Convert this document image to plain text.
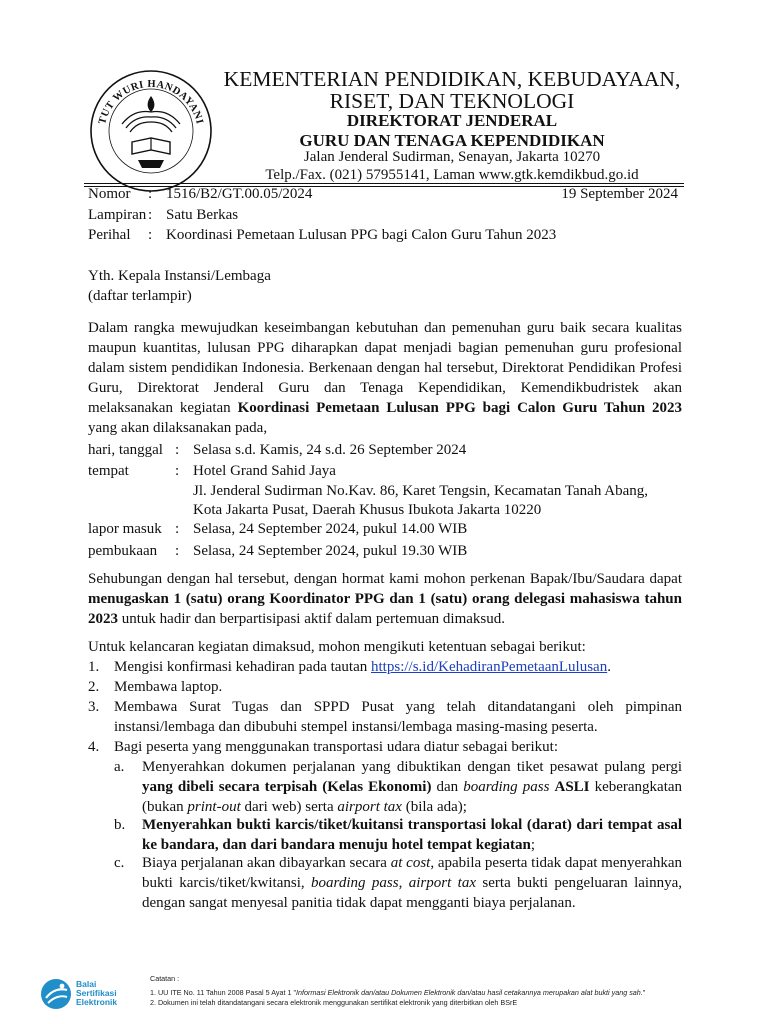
TUT WURI HANDAYANI
KEMENTERIAN PENDIDIKAN, KEBUDAYAAN,
RISET, DAN TEKNOLOGI
DIREKTORAT JENDERAL
GURU DAN TENAGA KEPENDIDIKAN
Jalan Jenderal Sudirman, Senayan, Jakarta 10270
Telp./Fax. (021) 57955141, Laman www.gtk.kemdikbud.go.id
Nomor : 1516/B2/GT.00.05/2024	19 September 2024
Lampiran : Satu Berkas
Perihal : Koordinasi Pemetaan Lulusan PPG bagi Calon Guru Tahun 2023
Yth. Kepala Instansi/Lembaga
(daftar terlampir)

Dalam rangka mewujudkan keseimbangan kebutuhan dan pemenuhan guru baik secara kualitas maupun kuantitas, lulusan PPG diharapkan dapat menjadi bagian pemenuhan guru profesional dalam sistem pendidikan Indonesia. Berkenaan dengan hal tersebut, Direktorat Pendidikan Profesi Guru, Direktorat Jenderal Guru dan Tenaga Kependidikan, Kemendikbudristek akan melaksanakan kegiatan Koordinasi Pemetaan Lulusan PPG bagi Calon Guru Tahun 2023 yang akan dilaksanakan pada,

hari, tanggal : Selasa s.d. Kamis, 24 s.d. 26 September 2024
tempat	: Hotel Grand Sahid Jaya
Jl. Jenderal Sudirman No.Kav. 86, Karet Tengsin, Kecamatan Tanah Abang,
Kota Jakarta Pusat, Daerah Khusus Ibukota Jakarta 10220
lapor masuk : Selasa, 24 September 2024, pukul 14.00 WIB
pembukaan : Selasa, 24 September 2024, pukul 19.30 WIB

Sehubungan dengan hal tersebut, dengan hormat kami mohon perkenan Bapak/Ibu/Saudara dapat menugaskan 1 (satu) orang Koordinator PPG dan 1 (satu) orang delegasi mahasiswa tahun 2023 untuk hadir dan berpartisipasi aktif dalam pertemuan dimaksud.

Untuk kelancaran kegiatan dimaksud, mohon mengikuti ketentuan sebagai berikut:
1. Mengisi konfirmasi kehadiran pada tautan https://s.id/KehadiranPemetaanLulusan.
2. Membawa laptop.
3. Membawa Surat Tugas dan SPPD Pusat yang telah ditandatangani oleh pimpinan instansi/lembaga dan dibubuhi stempel instansi/lembaga masing-masing peserta.

4. Bagi peserta yang menggunakan transportasi udara diatur sebagai berikut:
a. Menyerahkan dokumen perjalanan yang dibuktikan dengan tiket pesawat pulang pergi yang dibeli secara terpisah (Kelas Ekonomi) dan boarding pass ASLI keberangkatan (bukan print-out dari web) serta airport tax (bila ada);

b. Menyerahkan bukti karcis/tiket/kuitansi transportasi lokal (darat) dari tempat asal ke bandara, dan dari bandara menuju hotel tempat kegiatan;

c. Biaya perjalanan akan dibayarkan secara at cost, apabila peserta tidak dapat menyerahkan bukti karcis/tiket/kwitansi, boarding pass, airport tax serta bukti pengeluaran lainnya, dengan sangat menyesal panitia tidak dapat mengganti biaya perjalanan.

Balai
Sertifikasi
Elektronik
Catatan :
1. UU ITE No. 11 Tahun 2008 Pasal 5 Ayat 1 "Informasi Elektronik dan/atau Dokumen Elektronik dan/atau hasil cetakannya merupakan alat bukti yang sah."
2. Dokumen ini telah ditandatangani secara elektronik menggunakan sertifikat elektronik yang diterbitkan oleh BSrE
